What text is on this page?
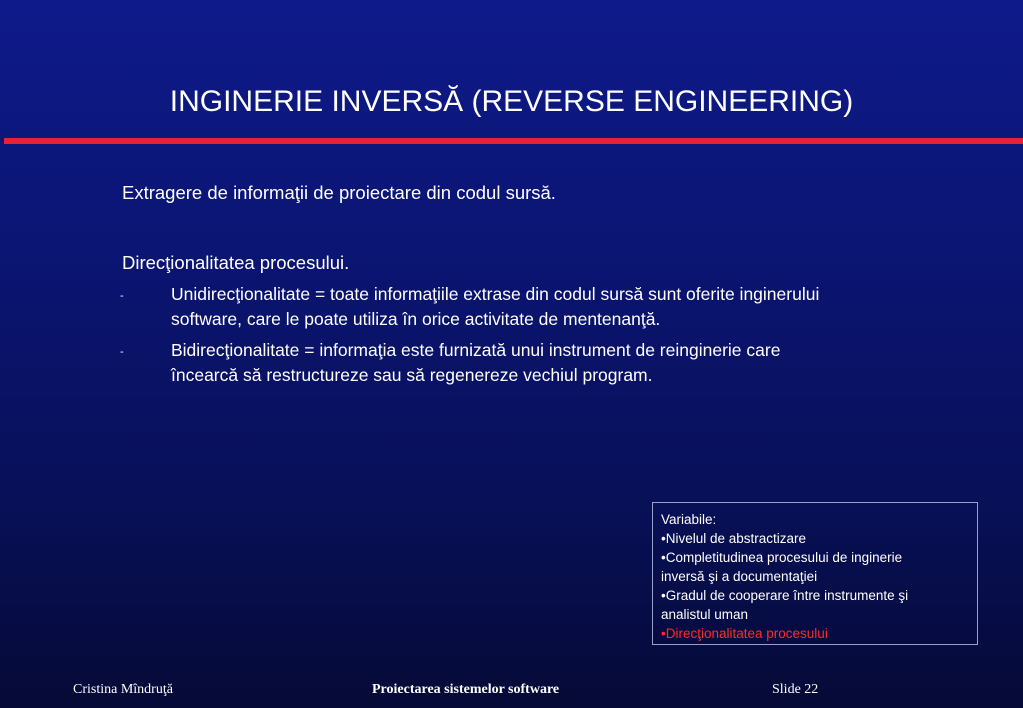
INGINERIE INVERSĂ (REVERSE ENGINEERING)
Extragere de informaţii de proiectare din codul sursă.
Direcţionalitatea procesului.
-	Unidirecţionalitate = toate informaţiile extrase din codul sursă sunt oferite inginerului
software, care le poate utiliza în orice activitate de mentenanţă.
-	Bidirecţionalitate = informaţia este furnizată unui instrument de reinginerie care
încearcă să restructureze sau să regenereze vechiul program.
Variabile:
•Nivelul de abstractizare
•Completitudinea procesului de inginerie
inversă şi a documentaţiei
•Gradul de cooperare între instrumente şi
analistul uman
•Direcţionalitatea procesului
Cristina Mîndruţă	Proiectarea sistemelor software	Slide 22
